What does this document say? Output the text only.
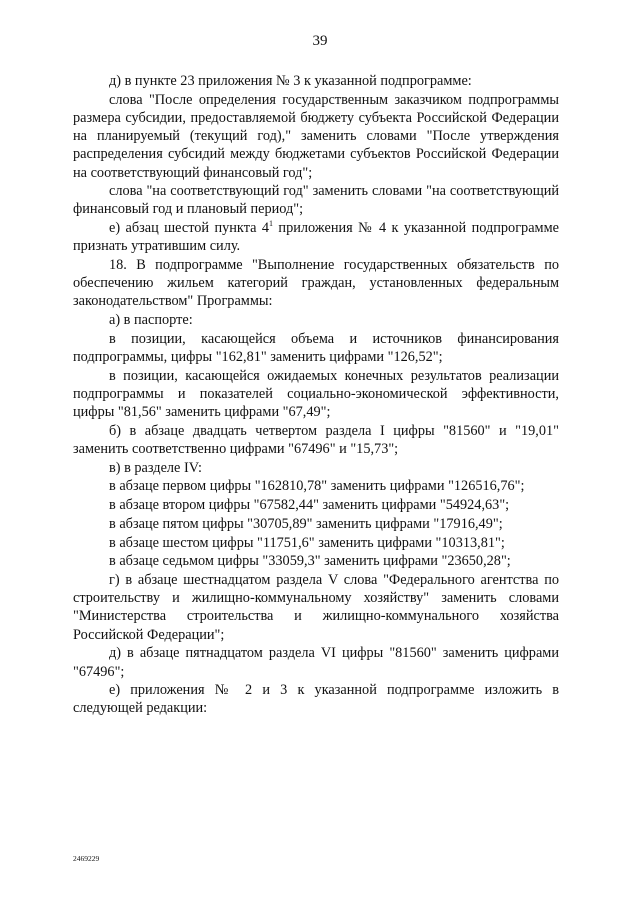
39

д) в пункте 23 приложения № 3 к указанной подпрограмме:

слова "После определения государственным заказчиком подпрограммы размера субсидии, предоставляемой бюджету субъекта Российской Федерации на планируемый (текущий год)," заменить словами "После утверждения распределения субсидий между бюджетами субъектов Российской Федерации на соответствующий финансовый год";

слова "на соответствующий год" заменить словами "на соответствующий финансовый год и плановый период";

е) абзац шестой пункта $4^1$ приложения № 4 к указанной подпрограмме признать утратившим силу.

18. В подпрограмме "Выполнение государственных обязательств по обеспечению жильем категорий граждан, установленных федеральным законодательством" Программы:

а) в паспорте:

в позиции, касающейся объема и источников финансирования подпрограммы, цифры "162,81" заменить цифрами "126,52";

в позиции, касающейся ожидаемых конечных результатов реализации подпрограммы и показателей социально-экономической эффективности, цифры "81,56" заменить цифрами "67,49";

б) в абзаце двадцать четвертом раздела I цифры "81560" и "19,01" заменить соответственно цифрами "67496" и "15,73";

в) в разделе IV:

в абзаце первом цифры "162810,78" заменить цифрами "126516,76";

в абзаце втором цифры "67582,44" заменить цифрами "54924,63";

в абзаце пятом цифры "30705,89" заменить цифрами "17916,49";

в абзаце шестом цифры "11751,6" заменить цифрами "10313,81";

в абзаце седьмом цифры "33059,3" заменить цифрами "23650,28";

г) в абзаце шестнадцатом раздела V слова "Федерального агентства по строительству и жилищно-коммунальному хозяйству" заменить словами "Министерства строительства и жилищно-коммунального хозяйства Российской Федерации";

д) в абзаце пятнадцатом раздела VI цифры "81560" заменить цифрами "67496";

е) приложения № 2 и 3 к указанной подпрограмме изложить в следующей редакции:

2469229
